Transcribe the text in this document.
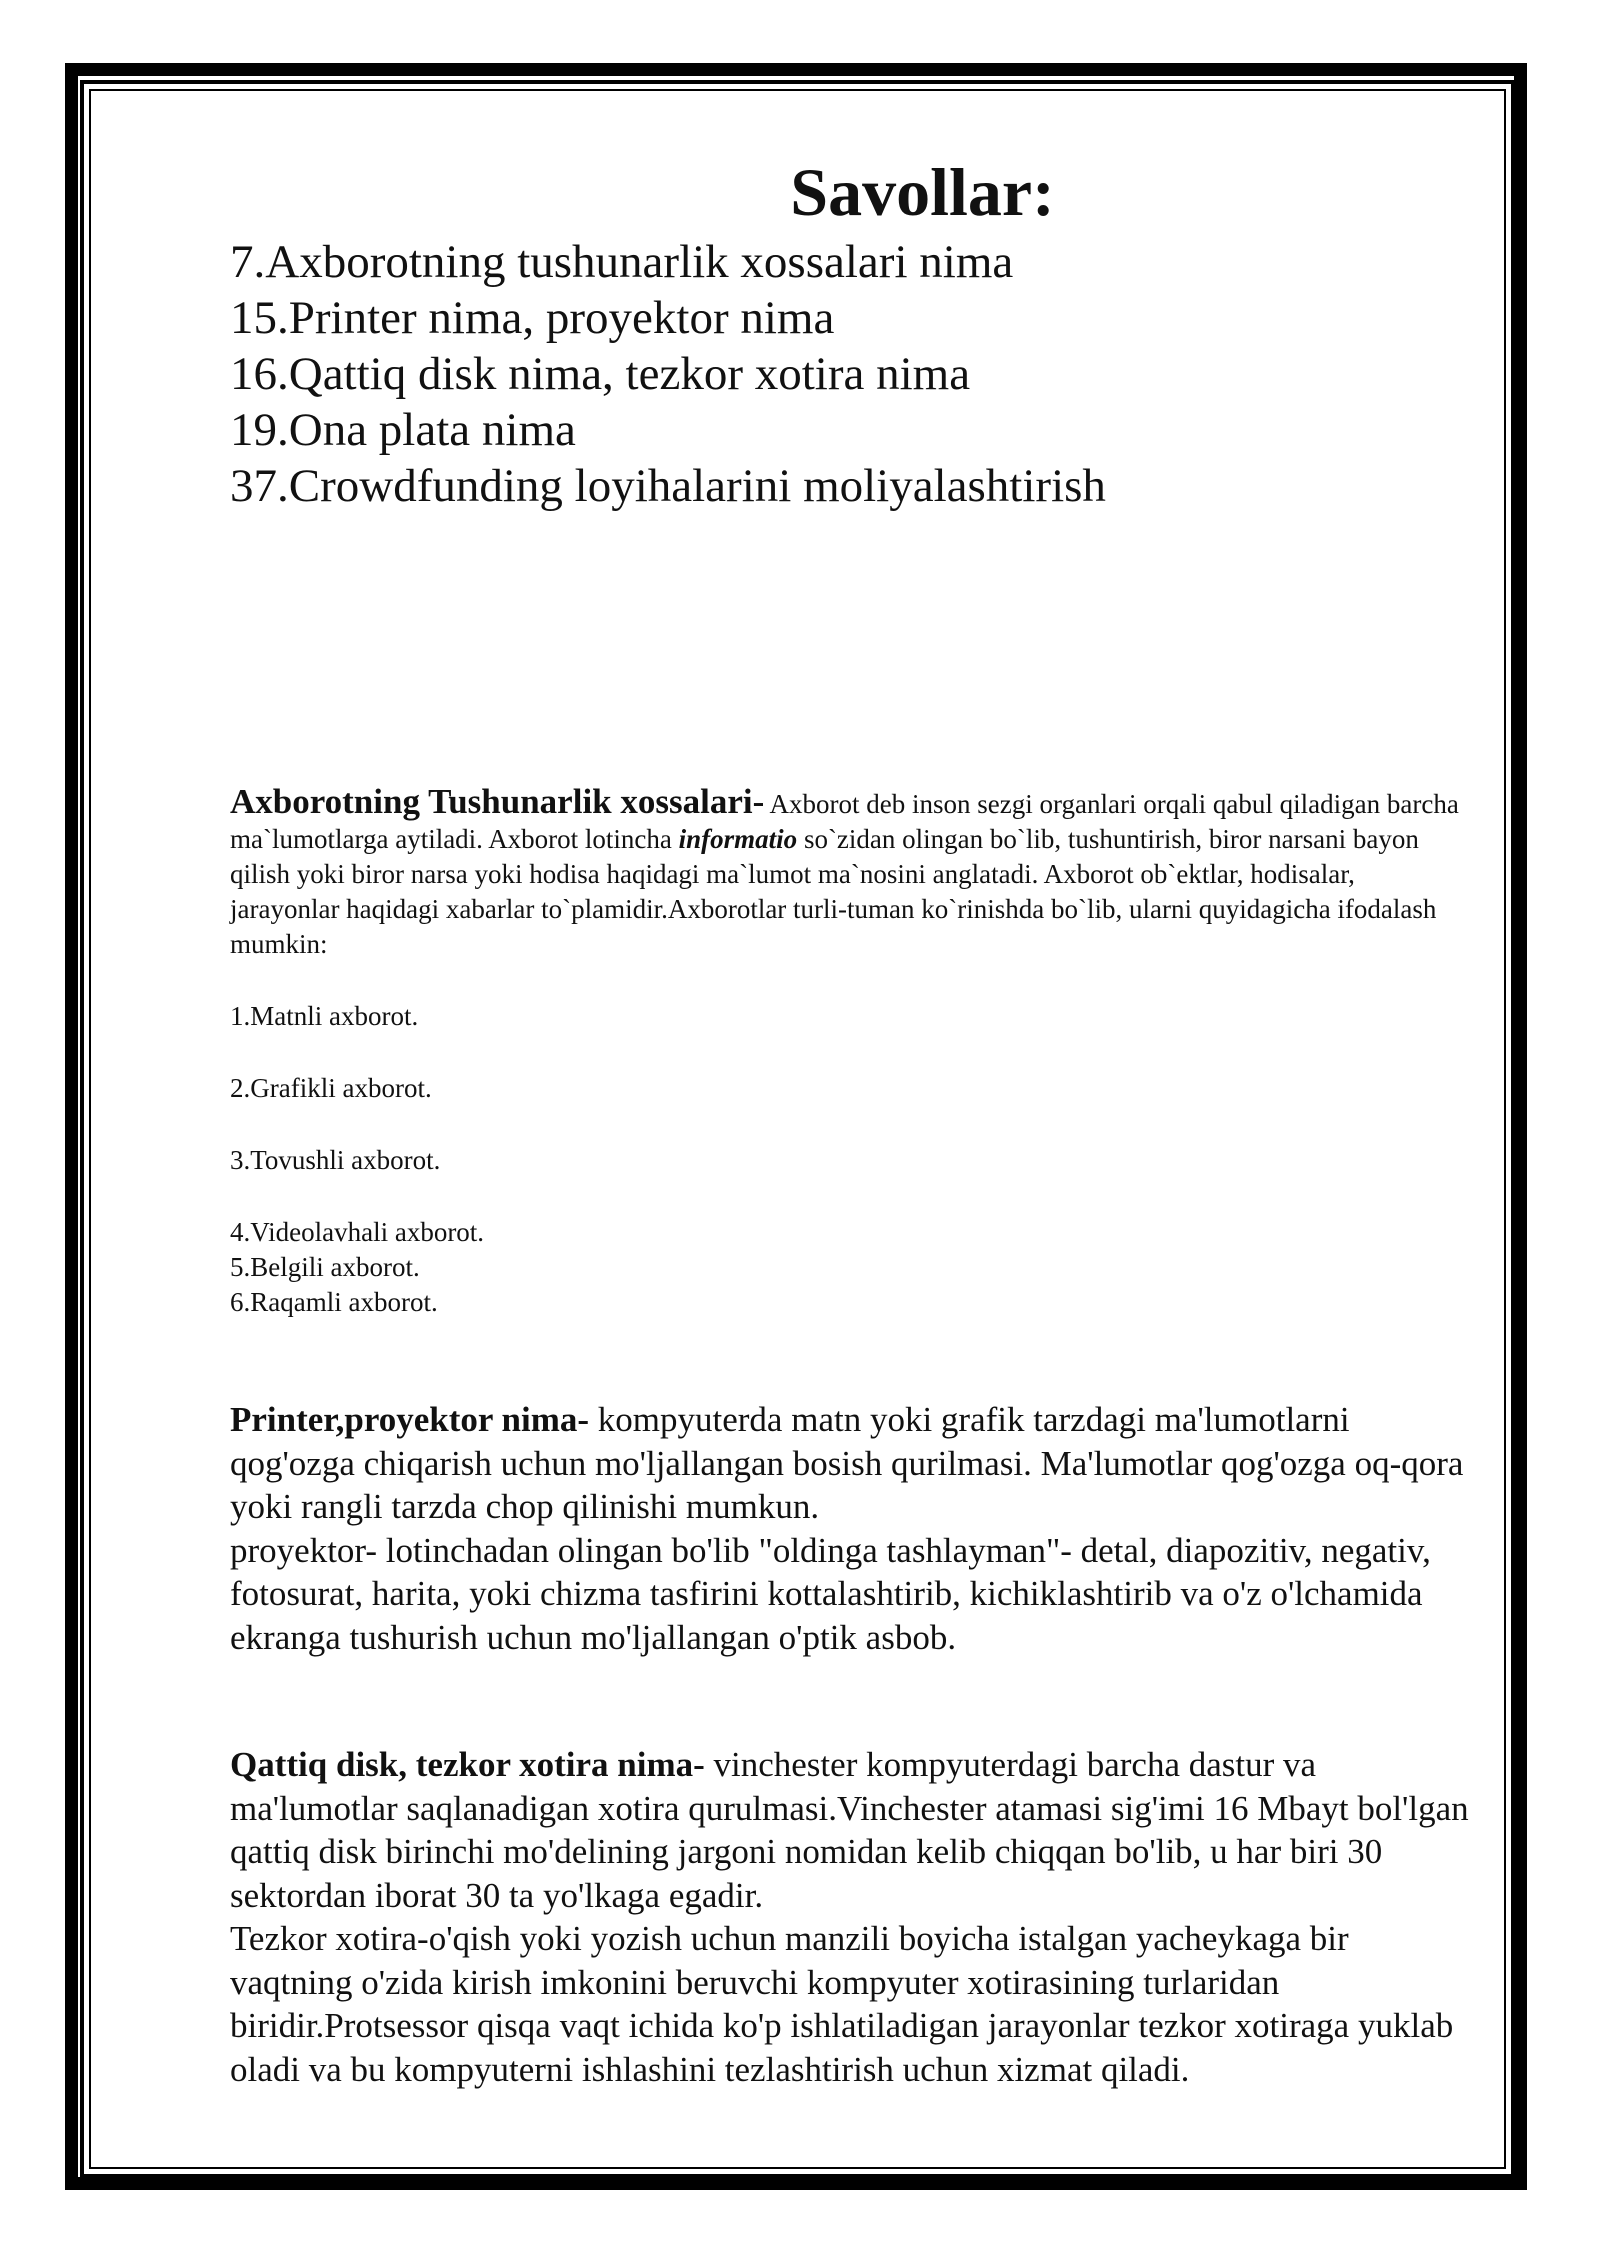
Savollar:
7.Axborotning tushunarlik xossalari nima
15.Printer nima, proyektor nima
16.Qattiq disk nima, tezkor xotira nima
19.Ona plata nima
37.Crowdfunding loyihalarini moliyalashtirish

Axborotning Tushunarlik xossalari- Axborot deb inson sezgi organlari orqali qabul qiladigan barcha ma`lumotlarga aytiladi. Axborot lotincha informatio so`zidan olingan bo`lib, tushuntirish, biror narsani bayon qilish yoki biror narsa yoki hodisa haqidagi ma`lumot ma`nosini anglatadi. Axborot ob`ektlar, hodisalar, jarayonlar haqidagi xabarlar to`plamidir.Axborotlar turli-tuman ko`rinishda bo`lib, ularni quyidagicha ifodalash mumkin:

1.Matnli axborot.
2.Grafikli axborot.
3.Tovushli axborot.
4.Videolavhali axborot.
5.Belgili axborot.
6.Raqamli axborot.

Printer,proyektor nima- kompyuterda matn yoki grafik tarzdagi ma'lumotlarni qog'ozga chiqarish uchun mo'ljallangan bosish qurilmasi. Ma'lumotlar qog'ozga oq-qora yoki rangli tarzda chop qilinishi mumkun.
proyektor- lotinchadan olingan bo'lib "oldinga tashlayman"- detal, diapozitiv, negativ, fotosurat, harita, yoki chizma tasfirini kottalashtirib, kichiklashtirib va o'z o'lchamida ekranga tushurish uchun mo'ljallangan o'ptik asbob.

Qattiq disk, tezkor xotira nima- vinchester kompyuterdagi barcha dastur va ma'lumotlar saqlanadigan xotira qurulmasi.Vinchester atamasi sig'imi 16 Mbayt bol'lgan qattiq disk birinchi mo'delining jargoni nomidan kelib chiqqan bo'lib, u har biri 30 sektordan iborat 30 ta yo'lkaga egadir.
Tezkor xotira-o'qish yoki yozish uchun manzili boyicha istalgan yacheykaga bir vaqtning o'zida kirish imkonini beruvchi kompyuter xotirasining turlaridan biridir.Protsessor qisqa vaqt ichida ko'p ishlatiladigan jarayonlar tezkor xotiraga yuklab oladi va bu kompyuterni ishlashini tezlashtirish uchun xizmat qiladi.
